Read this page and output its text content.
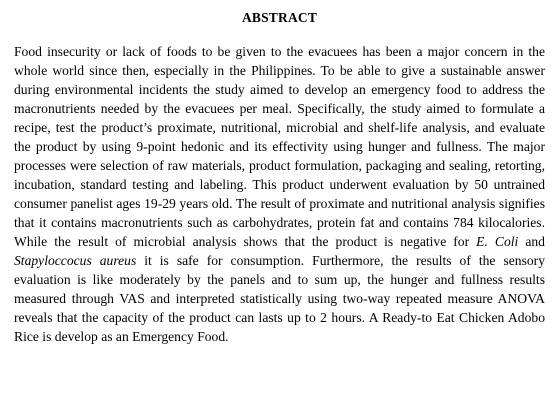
ABSTRACT

Food insecurity or lack of foods to be given to the evacuees has been a major concern in the whole world since then, especially in the Philippines. To be able to give a sustainable answer during environmental incidents the study aimed to develop an emergency food to address the macronutrients needed by the evacuees per meal. Specifically, the study aimed to formulate a recipe, test the product’s proximate, nutritional, microbial and shelf-life analysis, and evaluate the product by using 9-point hedonic and its effectivity using hunger and fullness. The major processes were selection of raw materials, product formulation, packaging and sealing, retorting, incubation, standard testing and labeling. This product underwent evaluation by 50 untrained consumer panelist ages 19-29 years old. The result of proximate and nutritional analysis signifies that it contains macronutrients such as carbohydrates, protein fat and contains 784 kilocalories. While the result of microbial analysis shows that the product is negative for E. Coli and Stapyloccocus aureus it is safe for consumption. Furthermore, the results of the sensory evaluation is like moderately by the panels and to sum up, the hunger and fullness results measured through VAS and interpreted statistically using two-way repeated measure ANOVA reveals that the capacity of the product can lasts up to 2 hours. A Ready-to Eat Chicken Adobo Rice is develop as an Emergency Food.
